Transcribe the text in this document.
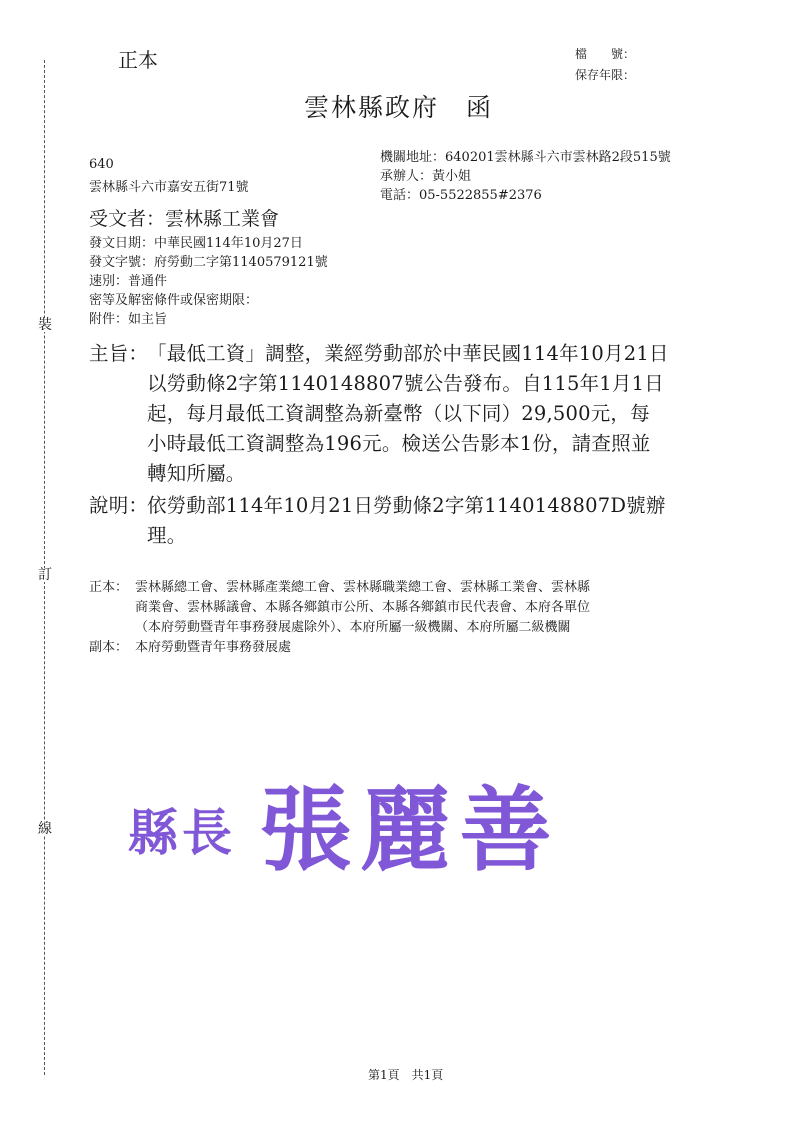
裝
訂
線
正本	檔　　號：
保存年限：
雲林縣政府　函
640
雲林縣斗六市嘉安五街71號
機關地址：640201雲林縣斗六市雲林路2段515號
承辦人：黃小姐
電話：05-5522855#2376
受文者：雲林縣工業會
發文日期：中華民國114年10月27日
發文字號：府勞動二字第1140579121號
速別：普通件
密等及解密條件或保密期限：
附件：如主旨
主旨：
「最低工資」調整，業經勞動部於中華民國114年10月21日
以勞動條2字第1140148807號公告發布。自115年1月1日
起，每月最低工資調整為新臺幣（以下同）29,500元，每
小時最低工資調整為196元。檢送公告影本1份，請查照並
轉知所屬。
說明：
依勞動部114年10月21日勞動條2字第1140148807D號辦
理。
正本： 雲林縣總工會、雲林縣產業總工會、雲林縣職業總工會、雲林縣工業會、雲林縣
商業會、雲林縣議會、本縣各鄉鎮市公所、本縣各鄉鎮市民代表會、本府各單位
（本府勞動暨青年事務發展處除外）、本府所屬一級機關、本府所屬二級機關
副本： 本府勞動暨青年事務發展處
縣長 張麗善
第1頁　共1頁
